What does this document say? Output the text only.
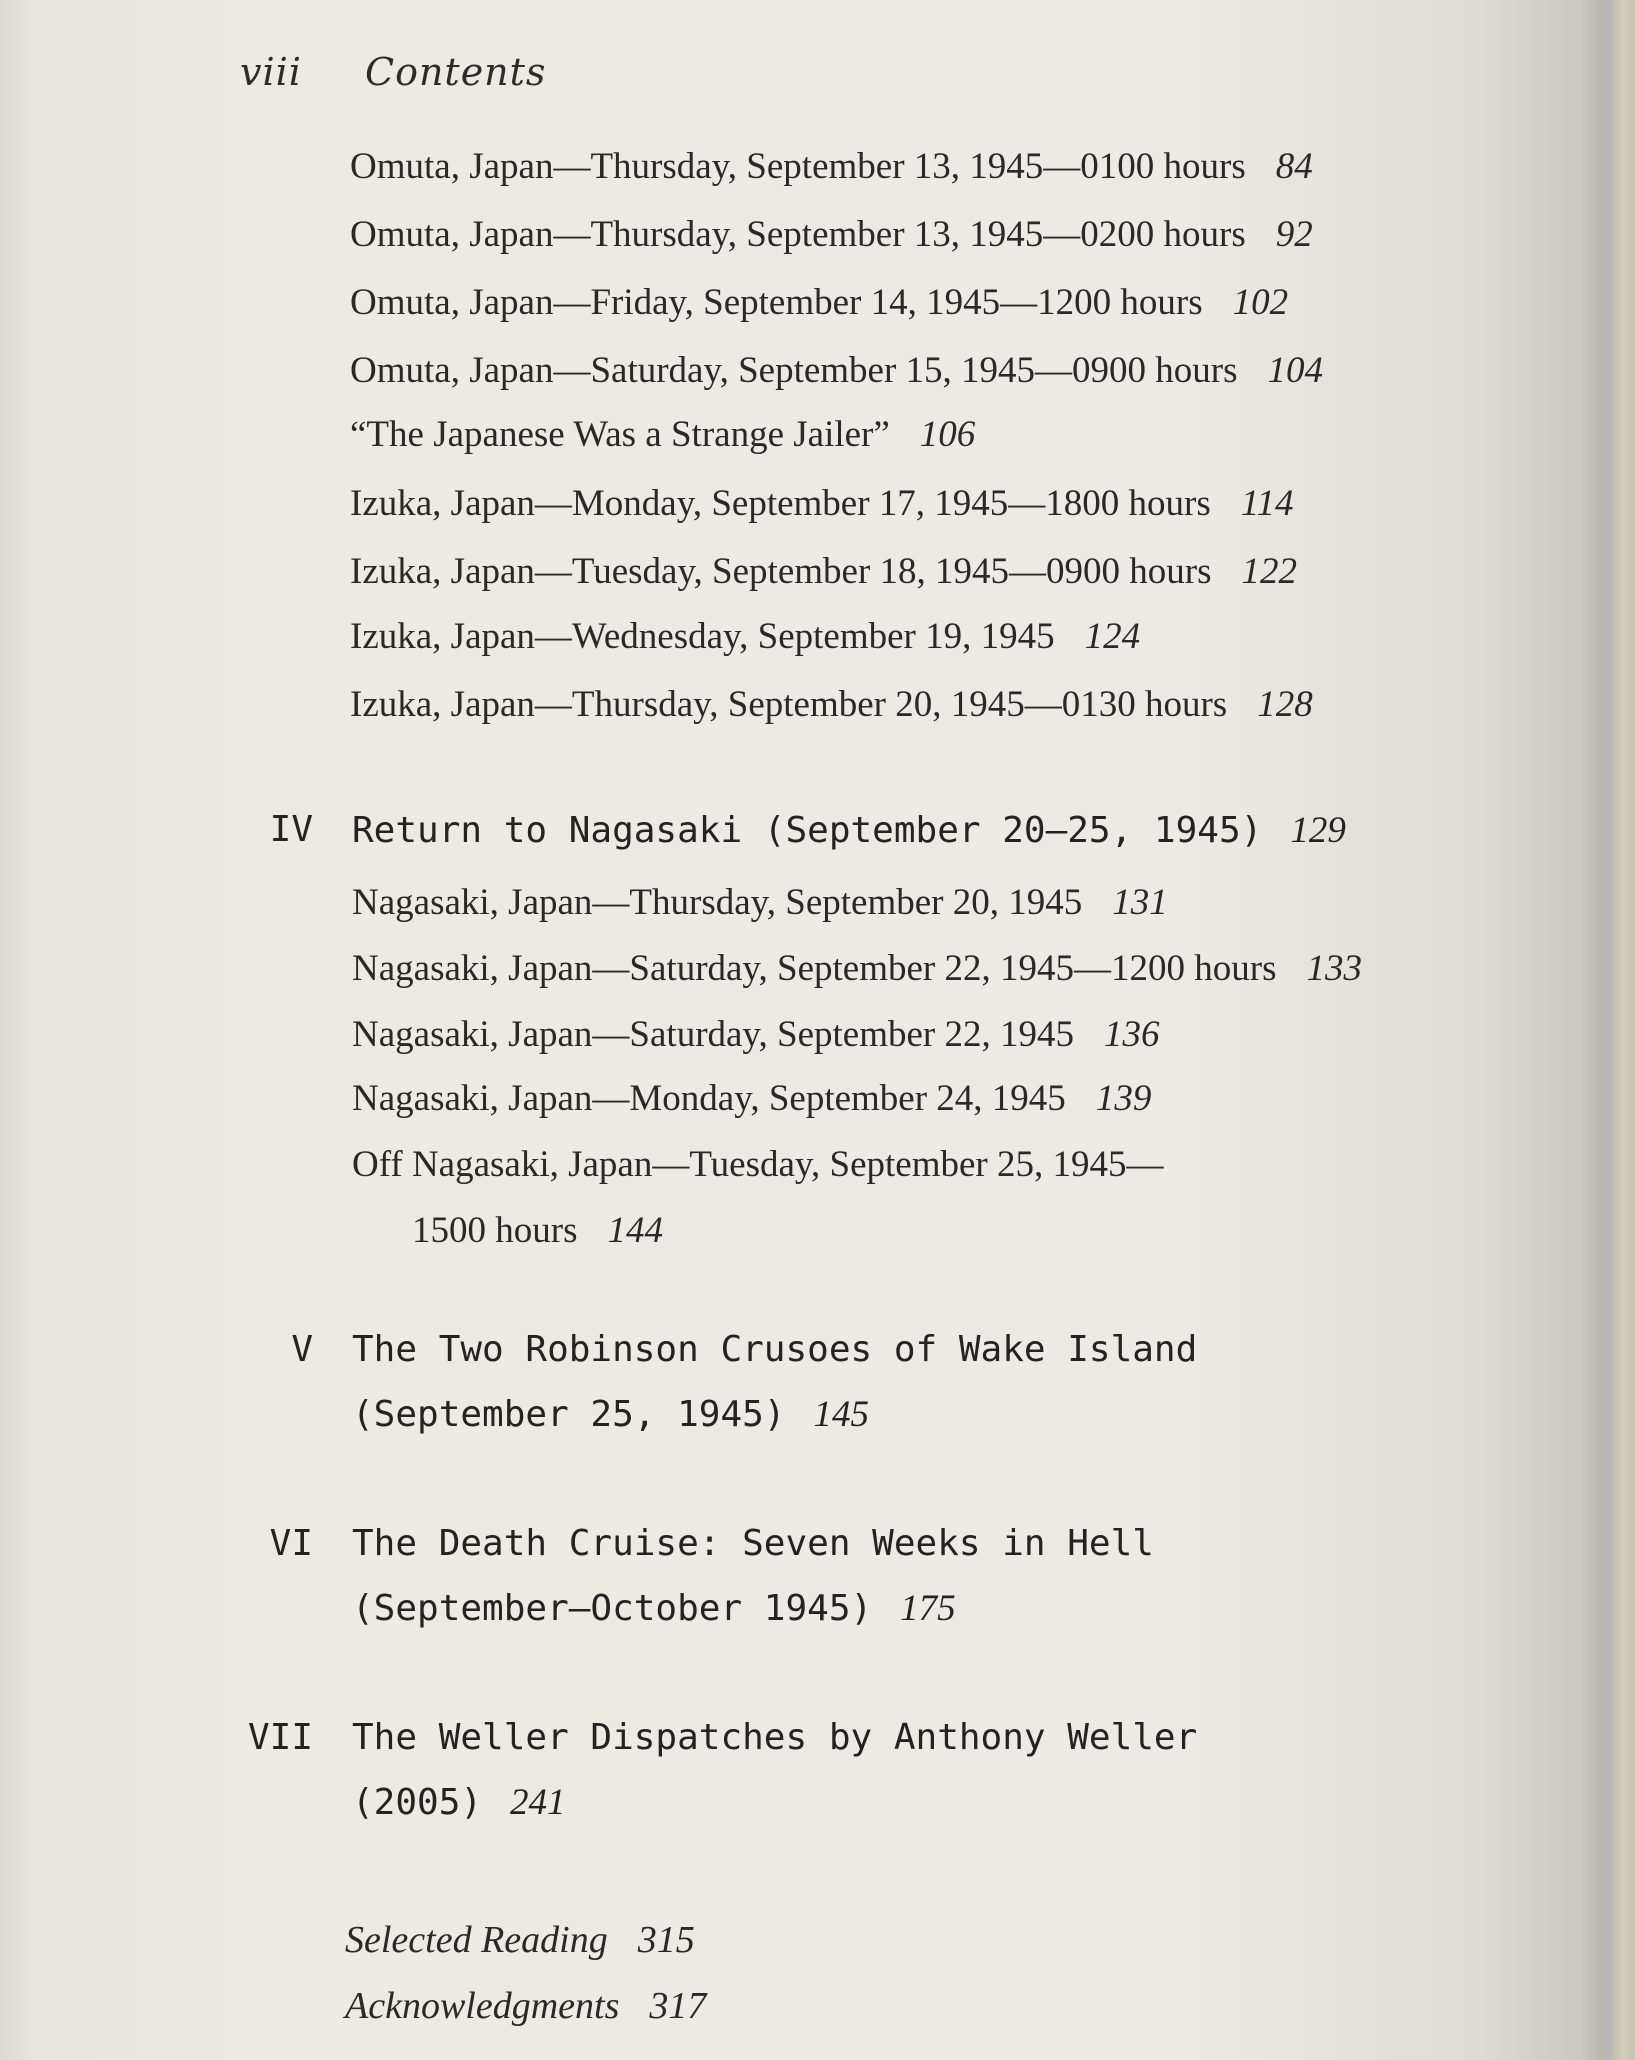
viii Contents
Omuta, Japan—Thursday, September 13, 1945—0100 hours 84
Omuta, Japan—Thursday, September 13, 1945—0200 hours 92
Omuta, Japan—Friday, September 14, 1945—1200 hours 102
Omuta, Japan—Saturday, September 15, 1945—0900 hours 104
“The Japanese Was a Strange Jailer” 106
Izuka, Japan—Monday, September 17, 1945—1800 hours 114
Izuka, Japan—Tuesday, September 18, 1945—0900 hours 122
Izuka, Japan—Wednesday, September 19, 1945 124
Izuka, Japan—Thursday, September 20, 1945—0130 hours 128
IV Return to Nagasaki (September 20–25, 1945) 129
Nagasaki, Japan—Thursday, September 20, 1945 131
Nagasaki, Japan—Saturday, September 22, 1945—1200 hours 133
Nagasaki, Japan—Saturday, September 22, 1945 136
Nagasaki, Japan—Monday, September 24, 1945 139
Off Nagasaki, Japan—Tuesday, September 25, 1945—
1500 hours 144
V The Two Robinson Crusoes of Wake Island
(September 25, 1945) 145
VI The Death Cruise: Seven Weeks in Hell
(September–October 1945) 175
VII The Weller Dispatches by Anthony Weller
(2005) 241
Selected Reading 315
Acknowledgments 317
